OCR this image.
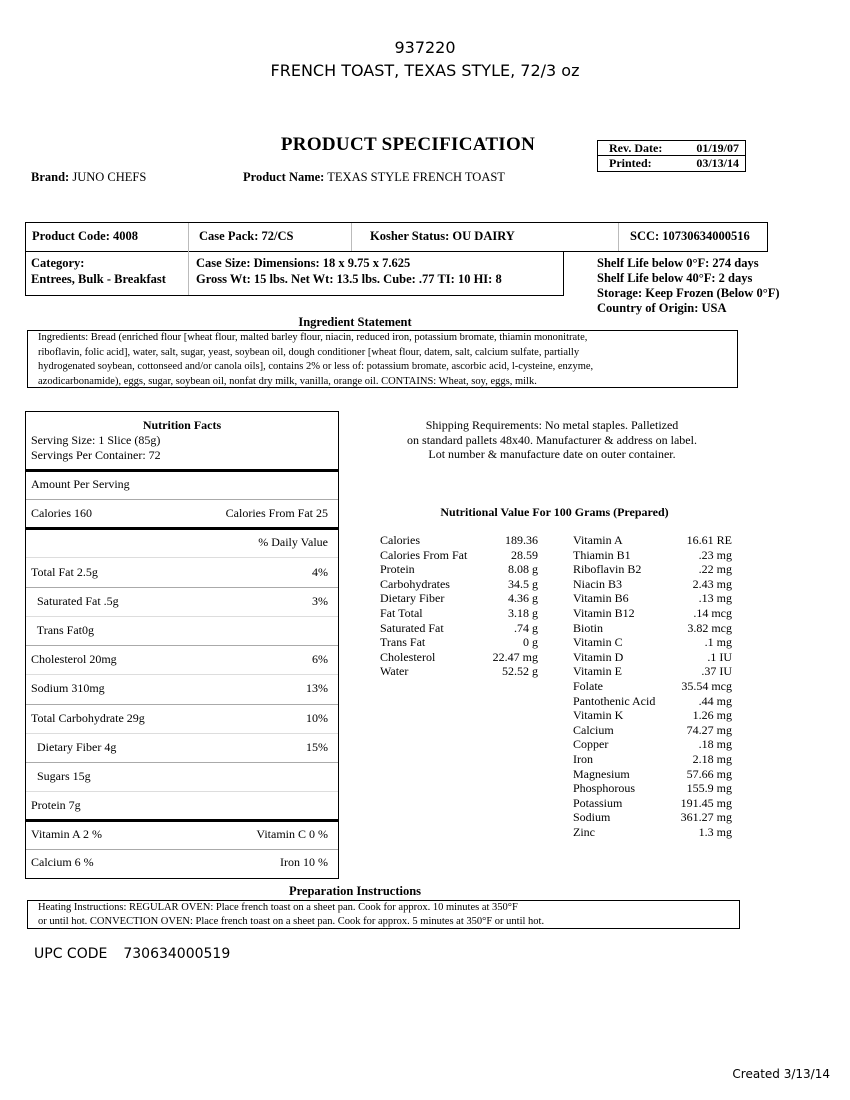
937220
FRENCH TOAST, TEXAS STYLE, 72/3 oz
PRODUCT SPECIFICATION	Rev. Date:	01/19/07
Printed:	03/13/14
Brand: JUNO CHEFS	Product Name: TEXAS STYLE FRENCH TOAST
Product Code: 4008	Case Pack: 72/CS	Kosher Status: OU DAIRY	SCC: 10730634000516
Category:
Entrees, Bulk - Breakfast
Case Size: Dimensions: 18 x 9.75 x 7.625
Gross Wt: 15 lbs. Net Wt: 13.5 lbs. Cube: .77 TI: 10 HI: 8
Shelf Life below 0°F: 274 days
Shelf Life below 40°F: 2 days
Storage: Keep Frozen (Below 0°F)
Country of Origin: USA
Ingredient Statement
Ingredients: Bread (enriched flour [wheat flour, malted barley flour, niacin, reduced iron, potassium bromate, thiamin mononitrate,
riboflavin, folic acid], water, salt, sugar, yeast, soybean oil, dough conditioner [wheat flour, datem, salt, calcium sulfate, partially
hydrogenated soybean, cottonseed and/or canola oils], contains 2% or less of: potassium bromate, ascorbic acid, l-cysteine, enzyme,
azodicarbonamide), eggs, sugar, soybean oil, nonfat dry milk, vanilla, orange oil. CONTAINS: Wheat, soy, eggs, milk.
Nutrition Facts
Serving Size: 1 Slice (85g)
Servings Per Container: 72
Amount Per Serving
Calories 160	Calories From Fat 25
% Daily Value
Total Fat 2.5g	4%
Saturated Fat .5g	3%
Trans Fat0g
Cholesterol 20mg	6%
Sodium 310mg	13%
Total Carbohydrate 29g	10%
Dietary Fiber 4g	15%
Sugars 15g
Protein 7g
Vitamin A 2 %	Vitamin C 0 %
Calcium 6 %	Iron 10 %
Shipping Requirements: No metal staples. Palletized
on standard pallets 48x40. Manufacturer & address on label.
Lot number & manufacture date on outer container.
Nutritional Value For 100 Grams (Prepared)
Calories	189.36
Calories From Fat	28.59
Protein	8.08 g
Carbohydrates	34.5 g
Dietary Fiber	4.36 g
Fat Total	3.18 g
Saturated Fat	.74 g
Trans Fat	0 g
Cholesterol	22.47 mg
Water	52.52 g
Vitamin A	16.61 RE
Thiamin B1	.23 mg
Riboflavin B2	.22 mg
Niacin B3	2.43 mg
Vitamin B6	.13 mg
Vitamin B12	.14 mcg
Biotin	3.82 mcg
Vitamin C	.1 mg
Vitamin D	.1 IU
Vitamin E	.37 IU
Folate	35.54 mcg
Pantothenic Acid	.44 mg
Vitamin K	1.26 mg
Calcium	74.27 mg
Copper	.18 mg
Iron	2.18 mg
Magnesium	57.66 mg
Phosphorous	155.9 mg
Potassium	191.45 mg
Sodium	361.27 mg
Zinc	1.3 mg
Preparation Instructions
Heating Instructions: REGULAR OVEN: Place french toast on a sheet pan. Cook for approx. 10 minutes at 350°F
or until hot. CONVECTION OVEN: Place french toast on a sheet pan. Cook for approx. 5 minutes at 350°F or until hot.
UPC CODE 730634000519
Created 3/13/14
